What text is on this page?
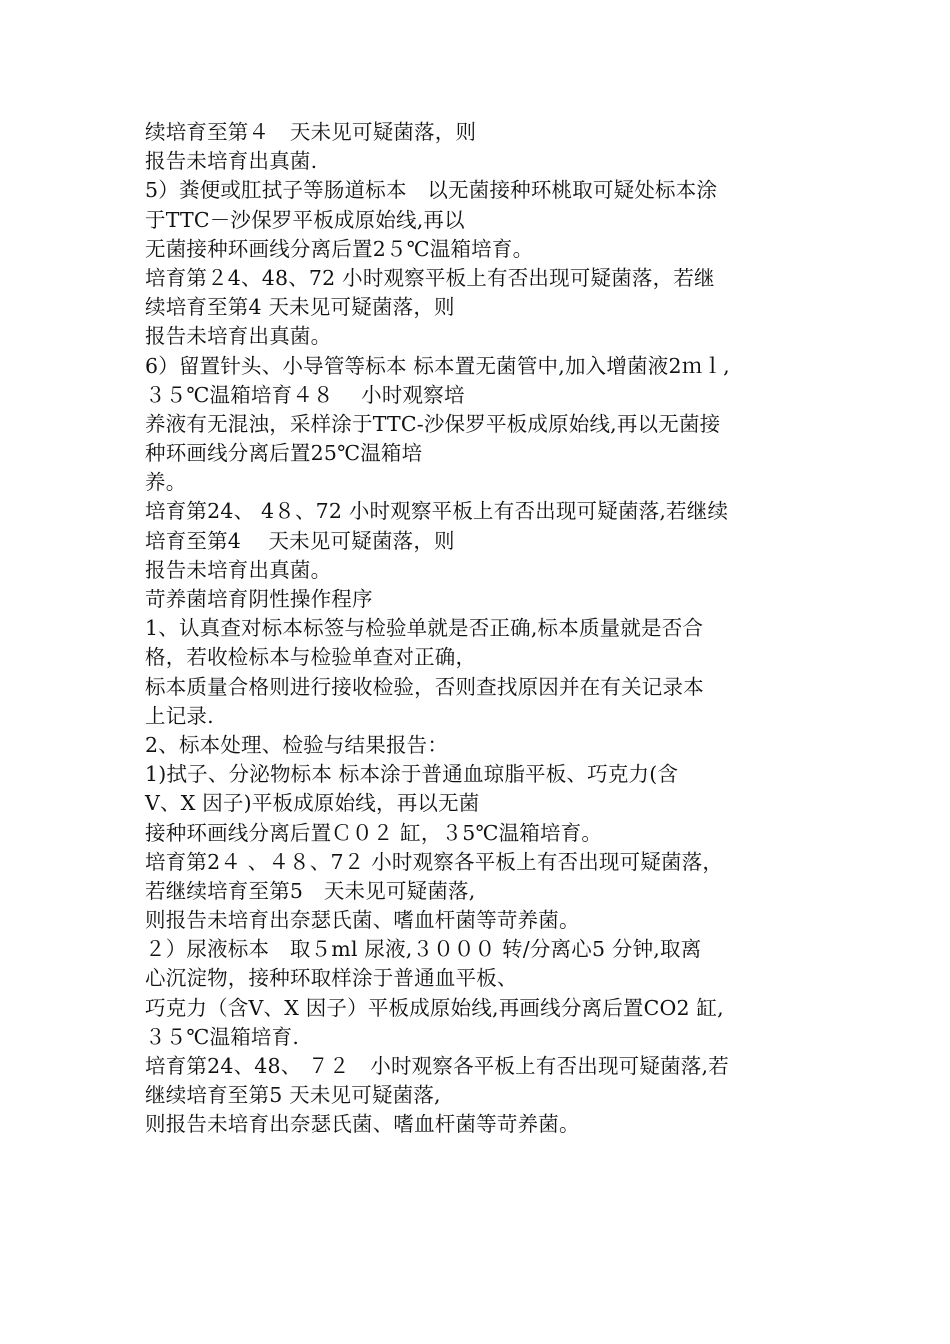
续培育至第４　天未见可疑菌落，则
报告未培育出真菌.
5）粪便或肛拭子等肠道标本　以无菌接种环桃取可疑处标本涂
于TTC－沙保罗平板成原始线,再以
无菌接种环画线分离后置2５℃温箱培育。
培育第２4、48、72 小时观察平板上有否出现可疑菌落，若继
续培育至第4 天未见可疑菌落，则
报告未培育出真菌。
6）留置针头、小导管等标本 标本置无菌管中,加入增菌液2ｍｌ,
３５℃温箱培育４８　 小时观察培
养液有无混浊，采样涂于TTC-沙保罗平板成原始线,再以无菌接
种环画线分离后置25℃温箱培
养。
培育第24、 4８、72 小时观察平板上有否出现可疑菌落,若继续
培育至第4　 天未见可疑菌落，则
报告未培育出真菌。
苛养菌培育阴性操作程序
1、认真查对标本标签与检验单就是否正确,标本质量就是否合
格，若收检标本与检验单查对正确，
标本质量合格则进行接收检验，否则查找原因并在有关记录本
上记录.
2、标本处理、检验与结果报告：
1)拭子、分泌物标本 标本涂于普通血琼脂平板、巧克力(含
V、X 因子)平板成原始线，再以无菌
接种环画线分离后置Ｃ０２ 缸，３5℃温箱培育。
培育第2４ 、４８、7２ 小时观察各平板上有否出现可疑菌落，
若继续培育至第5　天未见可疑菌落,
则报告未培育出奈瑟氏菌、嗜血杆菌等苛养菌。
２）尿液标本　取５ml 尿液,３０００ 转/分离心5 分钟,取离
心沉淀物，接种环取样涂于普通血平板、
巧克力（含V、X 因子）平板成原始线,再画线分离后置CO2 缸,
３５℃温箱培育.
培育第24、48、 ７２　小时观察各平板上有否出现可疑菌落,若
继续培育至第5 天未见可疑菌落,
则报告未培育出奈瑟氏菌、嗜血杆菌等苛养菌。
